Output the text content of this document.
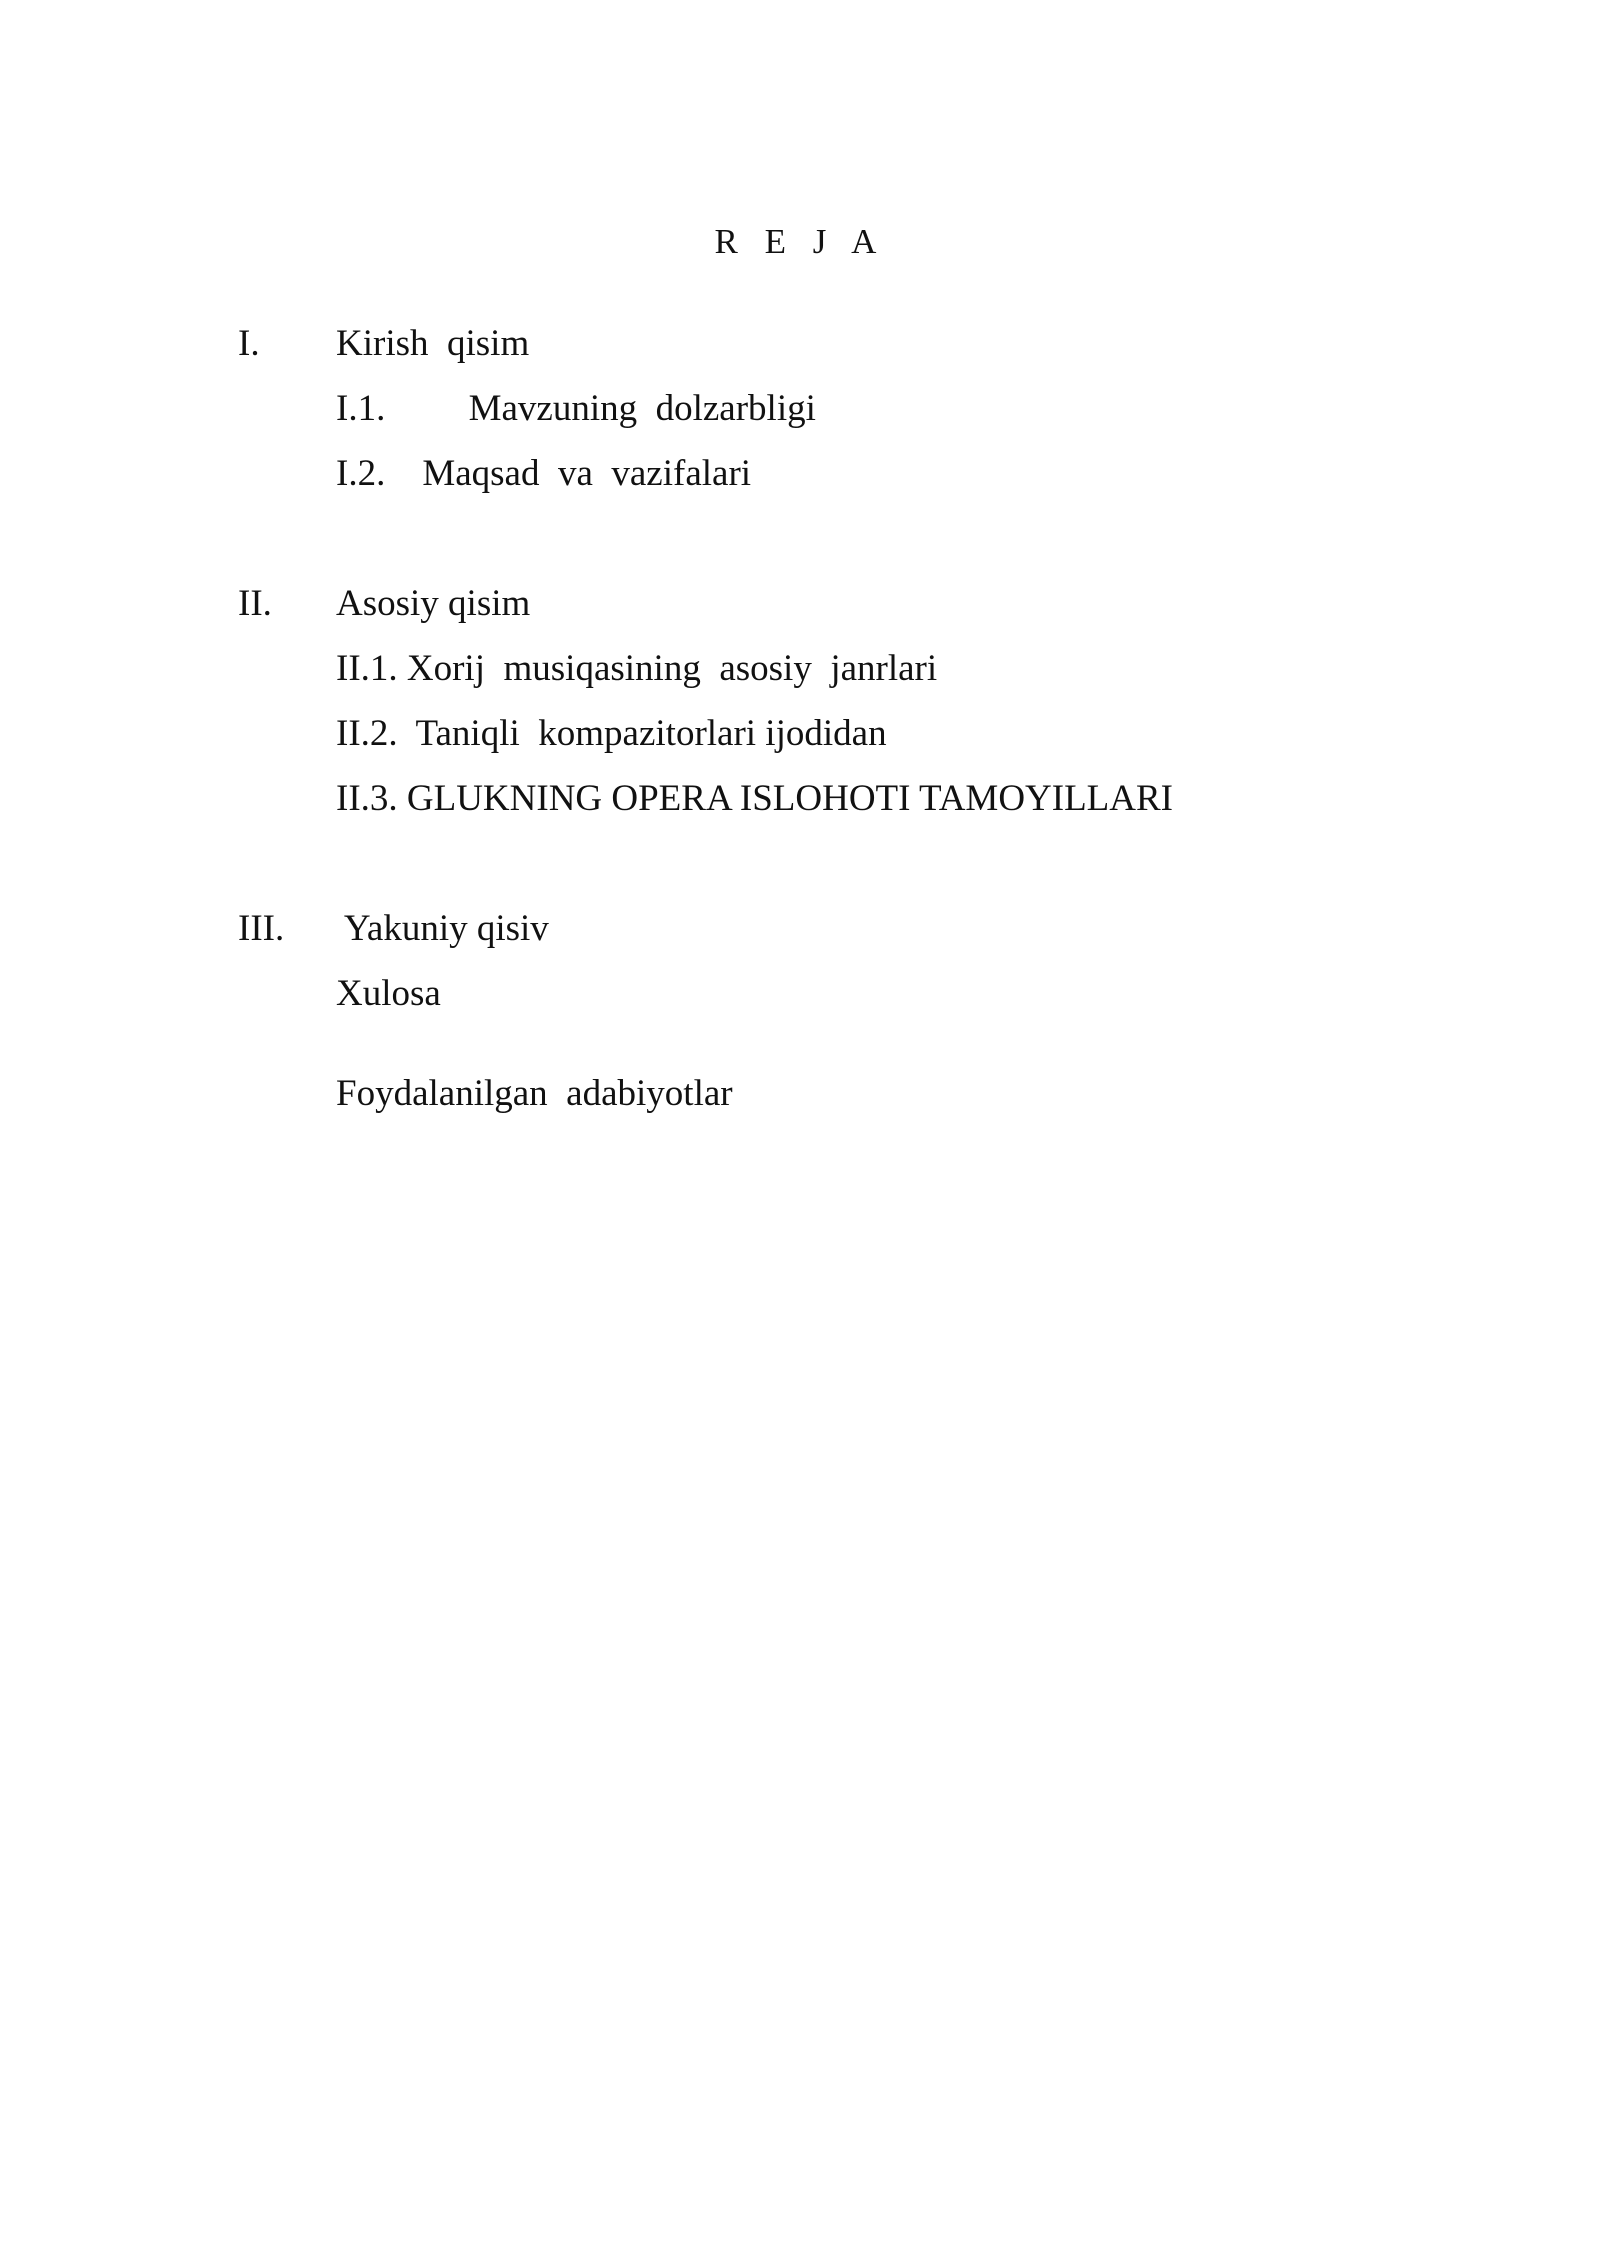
R E J A
I. Kirish  qisim
I.1.         Mavzuning  dolzarbligi
I.2.    Maqsad  va  vazifalari
II. Asosiy qisim
II.1. Xorij  musiqasining  asosiy  janrlari
II.2.  Taniqli  kompazitorlari ijodidan
II.3. GLUKNING OPERA ISLOHOTI TAMOYILLARI
III. Yakuniy qisiv
Xulosa
Foydalanilgan  adabiyotlar
